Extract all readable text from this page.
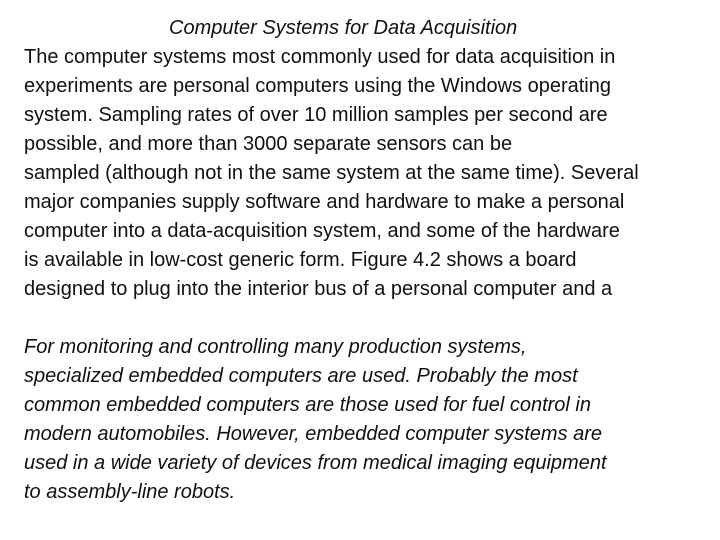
Computer Systems for Data Acquisition
The computer systems most commonly used for data acquisition in
experiments are personal computers using the Windows operating
system. Sampling rates of over 10 million samples per second are
possible, and more than 3000 separate sensors can be
sampled (although not in the same system at the same time). Several
major companies supply software and hardware to make a personal
computer into a data-acquisition system, and some of the hardware
is available in low-cost generic form. Figure 4.2 shows a board
designed to plug into the interior bus of a personal computer and a
For monitoring and controlling many production systems,
specialized embedded computers are used. Probably the most
common embedded computers are those used for fuel control in
modern automobiles. However, embedded computer systems are
used in a wide variety of devices from medical imaging equipment
to assembly-line robots.
